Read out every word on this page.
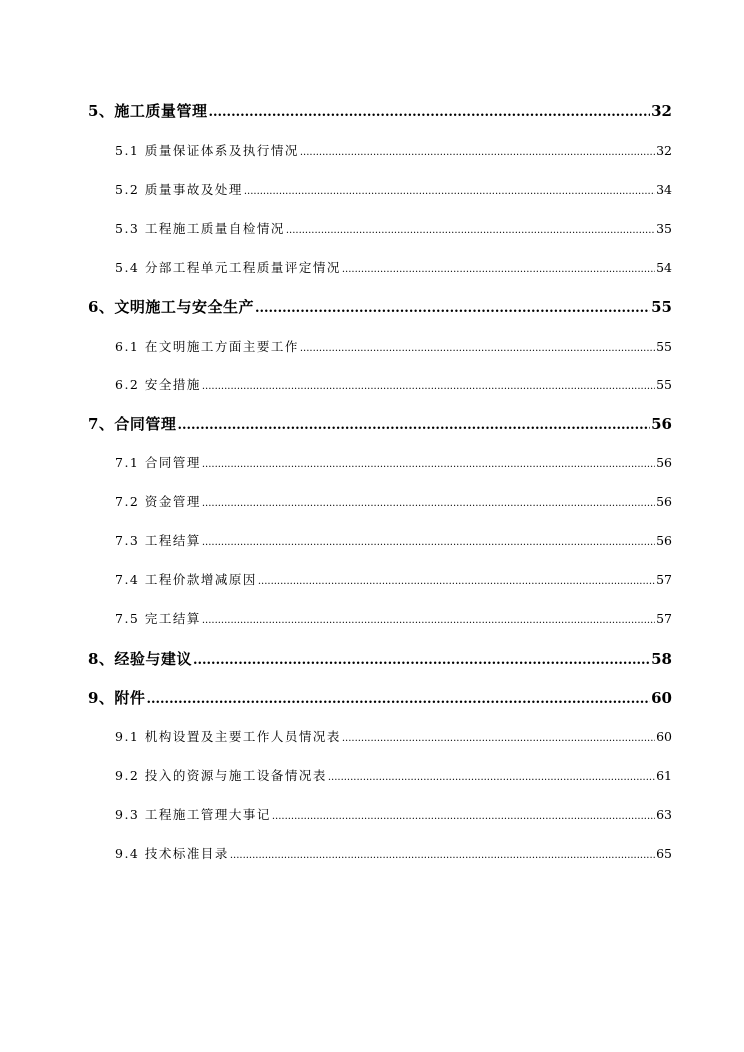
5、施工质量管理 .....	32
5.1 质量保证体系及执行情况 .....	32
5.2 质量事故及处理 .....	34
5.3 工程施工质量自检情况 .....	35
5.4 分部工程单元工程质量评定情况 .....	54
6、文明施工与安全生产 .....	55
6.1 在文明施工方面主要工作 .....	55
6.2 安全措施 .....	55
7、合同管理 .....	56
7.1 合同管理 .....	56
7.2 资金管理 .....	56
7.3 工程结算 .....	56
7.4 工程价款增减原因 .....	57
7.5 完工结算 .....	57
8、经验与建议 .....	58
9、附件 .....	60
9.1 机构设置及主要工作人员情况表 .....	60
9.2 投入的资源与施工设备情况表 .....	61
9.3 工程施工管理大事记 .....	63
9.4 技术标准目录 .....	65
